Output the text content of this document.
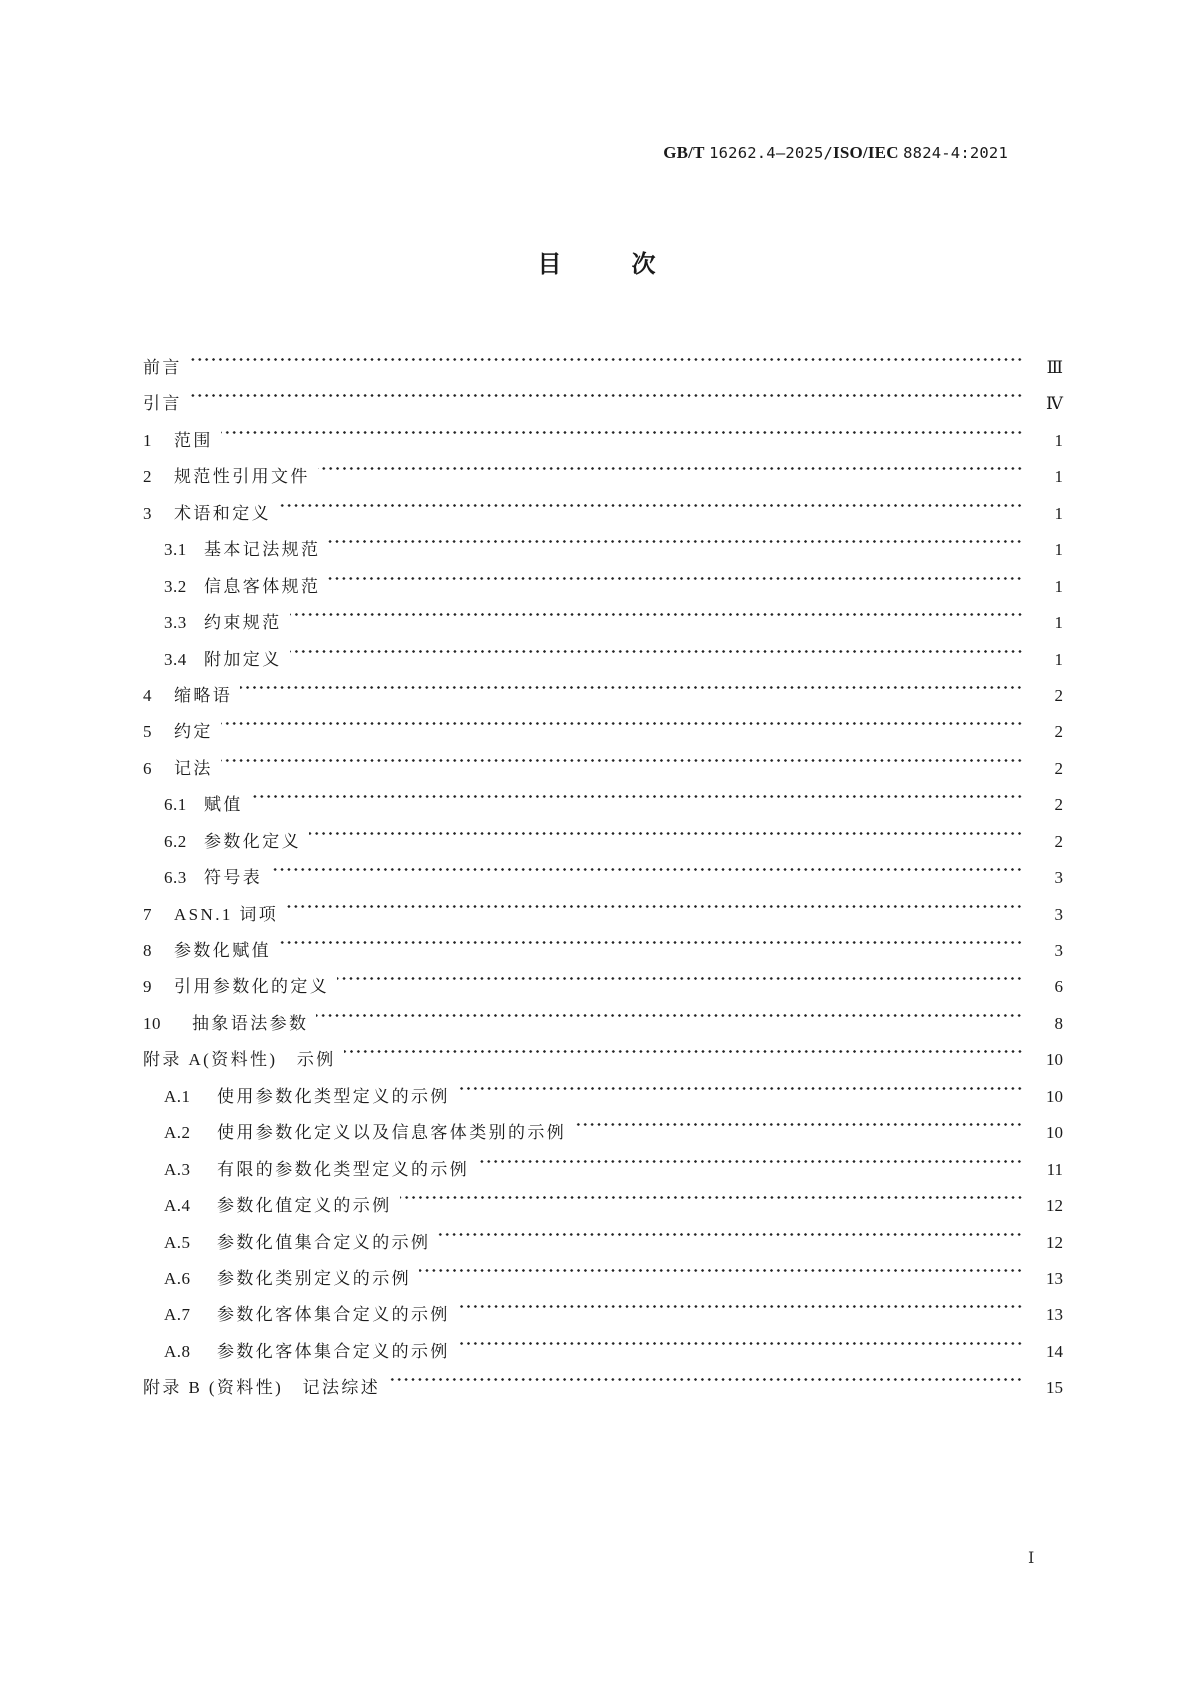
GB/T 16262.4—2025/ISO/IEC 8824-4:2021
目次
前言	Ⅲ
引言	Ⅳ
1	范围	1
2	规范性引用文件	1
3	术语和定义	1
3.1	基本记法规范	1
3.2	信息客体规范	1
3.3	约束规范	1
3.4	附加定义	1
4	缩略语	2
5	约定	2
6	记法	2
6.1	赋值	2
6.2	参数化定义	2
6.3	符号表	3
7	ASN.1 词项	3
8	参数化赋值	3
9	引用参数化的定义	6
10	抽象语法参数	8
附录 A(资料性)　示例	10
A.1	使用参数化类型定义的示例	10
A.2	使用参数化定义以及信息客体类别的示例	10
A.3	有限的参数化类型定义的示例	11
A.4	参数化值定义的示例	12
A.5	参数化值集合定义的示例	12
A.6	参数化类别定义的示例	13
A.7	参数化客体集合定义的示例	13
A.8	参数化客体集合定义的示例	14
附录 B (资料性)　记法综述	15
Ⅰ
